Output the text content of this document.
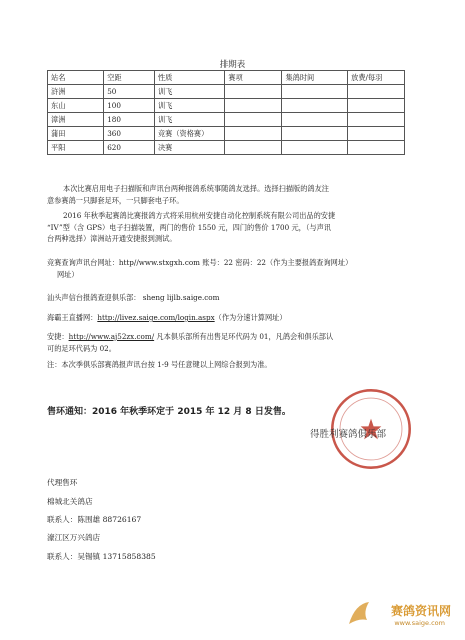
排期表
站名	空距	性质	赛项	集鸽时间	放费/每羽
浒洲	50	训飞			
东山	100	训飞			
漳洲	180	训飞			
蒲田	360	竞赛（资格赛）			
平阳	620	决赛			
本次比赛启用电子扫描版和声讯台两种报鸽系统事随鸽友选择。选择扫描版的鸽友注
意参赛鸽一只脚套足环，一只脚套电子环。
2016 年秋季起赛鸽比赛报鸽方式将采用杭州安捷自动化控制系统有限公司出品的安捷
“IV”型（含 GPS）电子扫描装置，两门的售价 1550 元，四门的售价 1700 元，（与声讯
台两种选择）漳洲站开通安捷报到测试。
竞赛查询声讯台网址：http//www.stxgxh.com 账号：22 密码：22（作为主要报鸽查询网址）
网址）
汕头声信台报鸽查迎俱乐部： sheng lijlb.saige.com
海霸王直播网：http://livez.saige.com/login.aspx（作为分速计算网址）
安捷：http://www.aj52zx.com/ 凡本俱乐部所有出售足环代码为 01，凡鸽会和俱乐部认
可的足环代码为 02。
注：本次季俱乐部赛鸽报声讯台按 1-9 号任意键以上网综合报到为准。
售环通知：2016 年秋季环定于 2015 年 12 月 8 日发售。
得胜利赛鸽俱乐部
代理售环
棉城北关鸽店
联系人：陈围雄 88726167
濠江区万兴鸽店
联系人：吴锡镇 13715858385
赛鸽资讯网
www.saige.com
